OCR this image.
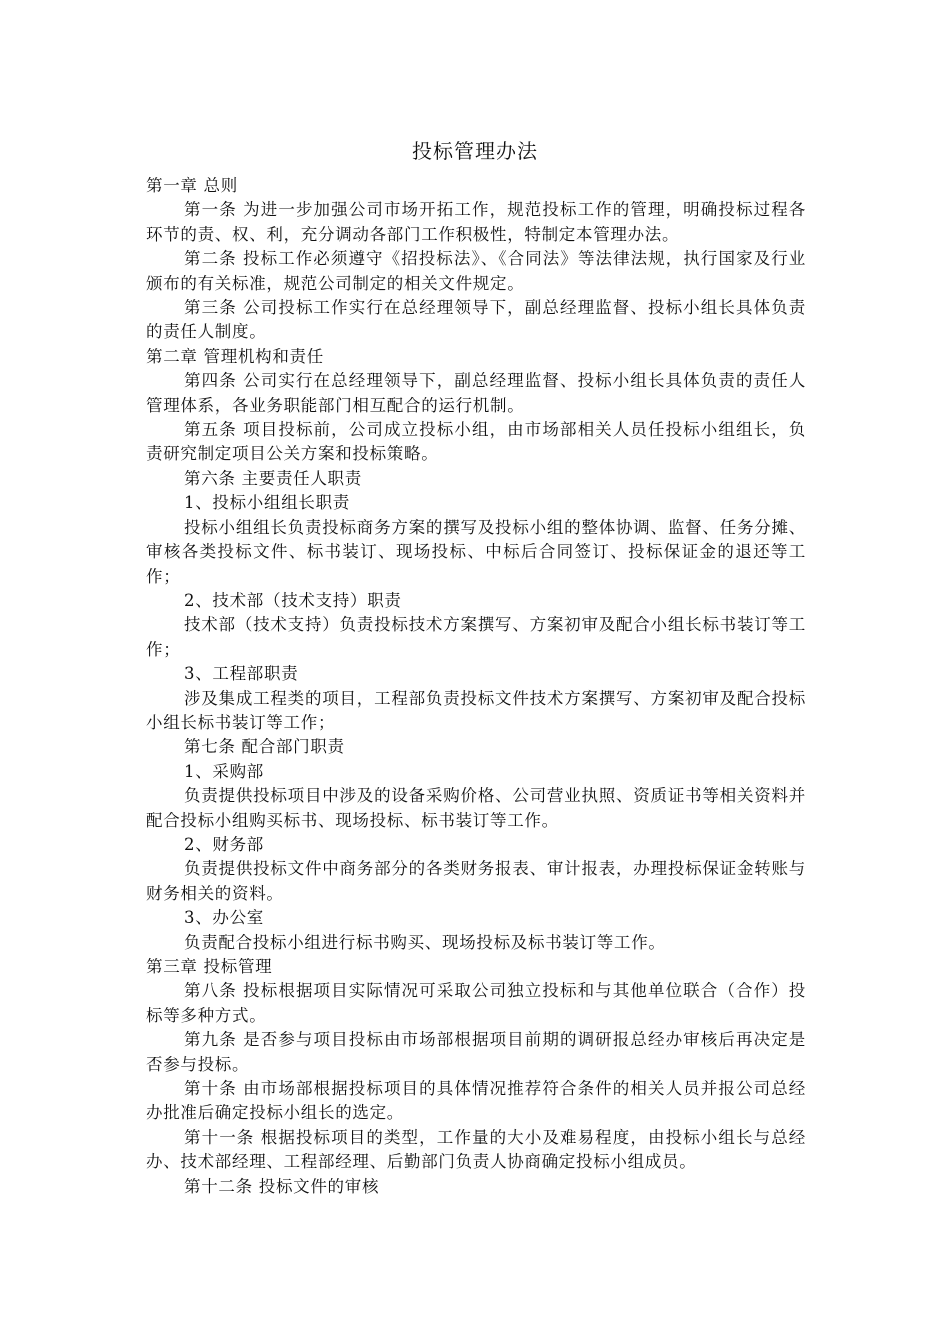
投标管理办法

第一章 总则

第一条 为进一步加强公司市场开拓工作，规范投标工作的管理，明确投标过程各环节的责、权、利，充分调动各部门工作积极性，特制定本管理办法。

第二条 投标工作必须遵守《招投标法》、《合同法》等法律法规，执行国家及行业颁布的有关标准，规范公司制定的相关文件规定。

第三条 公司投标工作实行在总经理领导下，副总经理监督、投标小组长具体负责的责任人制度。

第二章 管理机构和责任

第四条 公司实行在总经理领导下，副总经理监督、投标小组长具体负责的责任人管理体系，各业务职能部门相互配合的运行机制。

第五条 项目投标前，公司成立投标小组，由市场部相关人员任投标小组组长，负责研究制定项目公关方案和投标策略。

第六条 主要责任人职责

1、投标小组组长职责

投标小组组长负责投标商务方案的撰写及投标小组的整体协调、监督、任务分摊、审核各类投标文件、标书装订、现场投标、中标后合同签订、投标保证金的退还等工作；

2、技术部（技术支持）职责

技术部（技术支持）负责投标技术方案撰写、方案初审及配合小组长标书装订等工作；

3、工程部职责

涉及集成工程类的项目，工程部负责投标文件技术方案撰写、方案初审及配合投标小组长标书装订等工作；

第七条 配合部门职责

1、采购部

负责提供投标项目中涉及的设备采购价格、公司营业执照、资质证书等相关资料并配合投标小组购买标书、现场投标、标书装订等工作。

2、财务部

负责提供投标文件中商务部分的各类财务报表、审计报表，办理投标保证金转账与财务相关的资料。

3、办公室

负责配合投标小组进行标书购买、现场投标及标书装订等工作。

第三章 投标管理

第八条 投标根据项目实际情况可采取公司独立投标和与其他单位联合（合作）投标等多种方式。

第九条 是否参与项目投标由市场部根据项目前期的调研报总经办审核后再决定是否参与投标。

第十条 由市场部根据投标项目的具体情况推荐符合条件的相关人员并报公司总经办批准后确定投标小组长的选定。

第十一条 根据投标项目的类型，工作量的大小及难易程度，由投标小组长与总经办、技术部经理、工程部经理、后勤部门负责人协商确定投标小组成员。

第十二条 投标文件的审核
